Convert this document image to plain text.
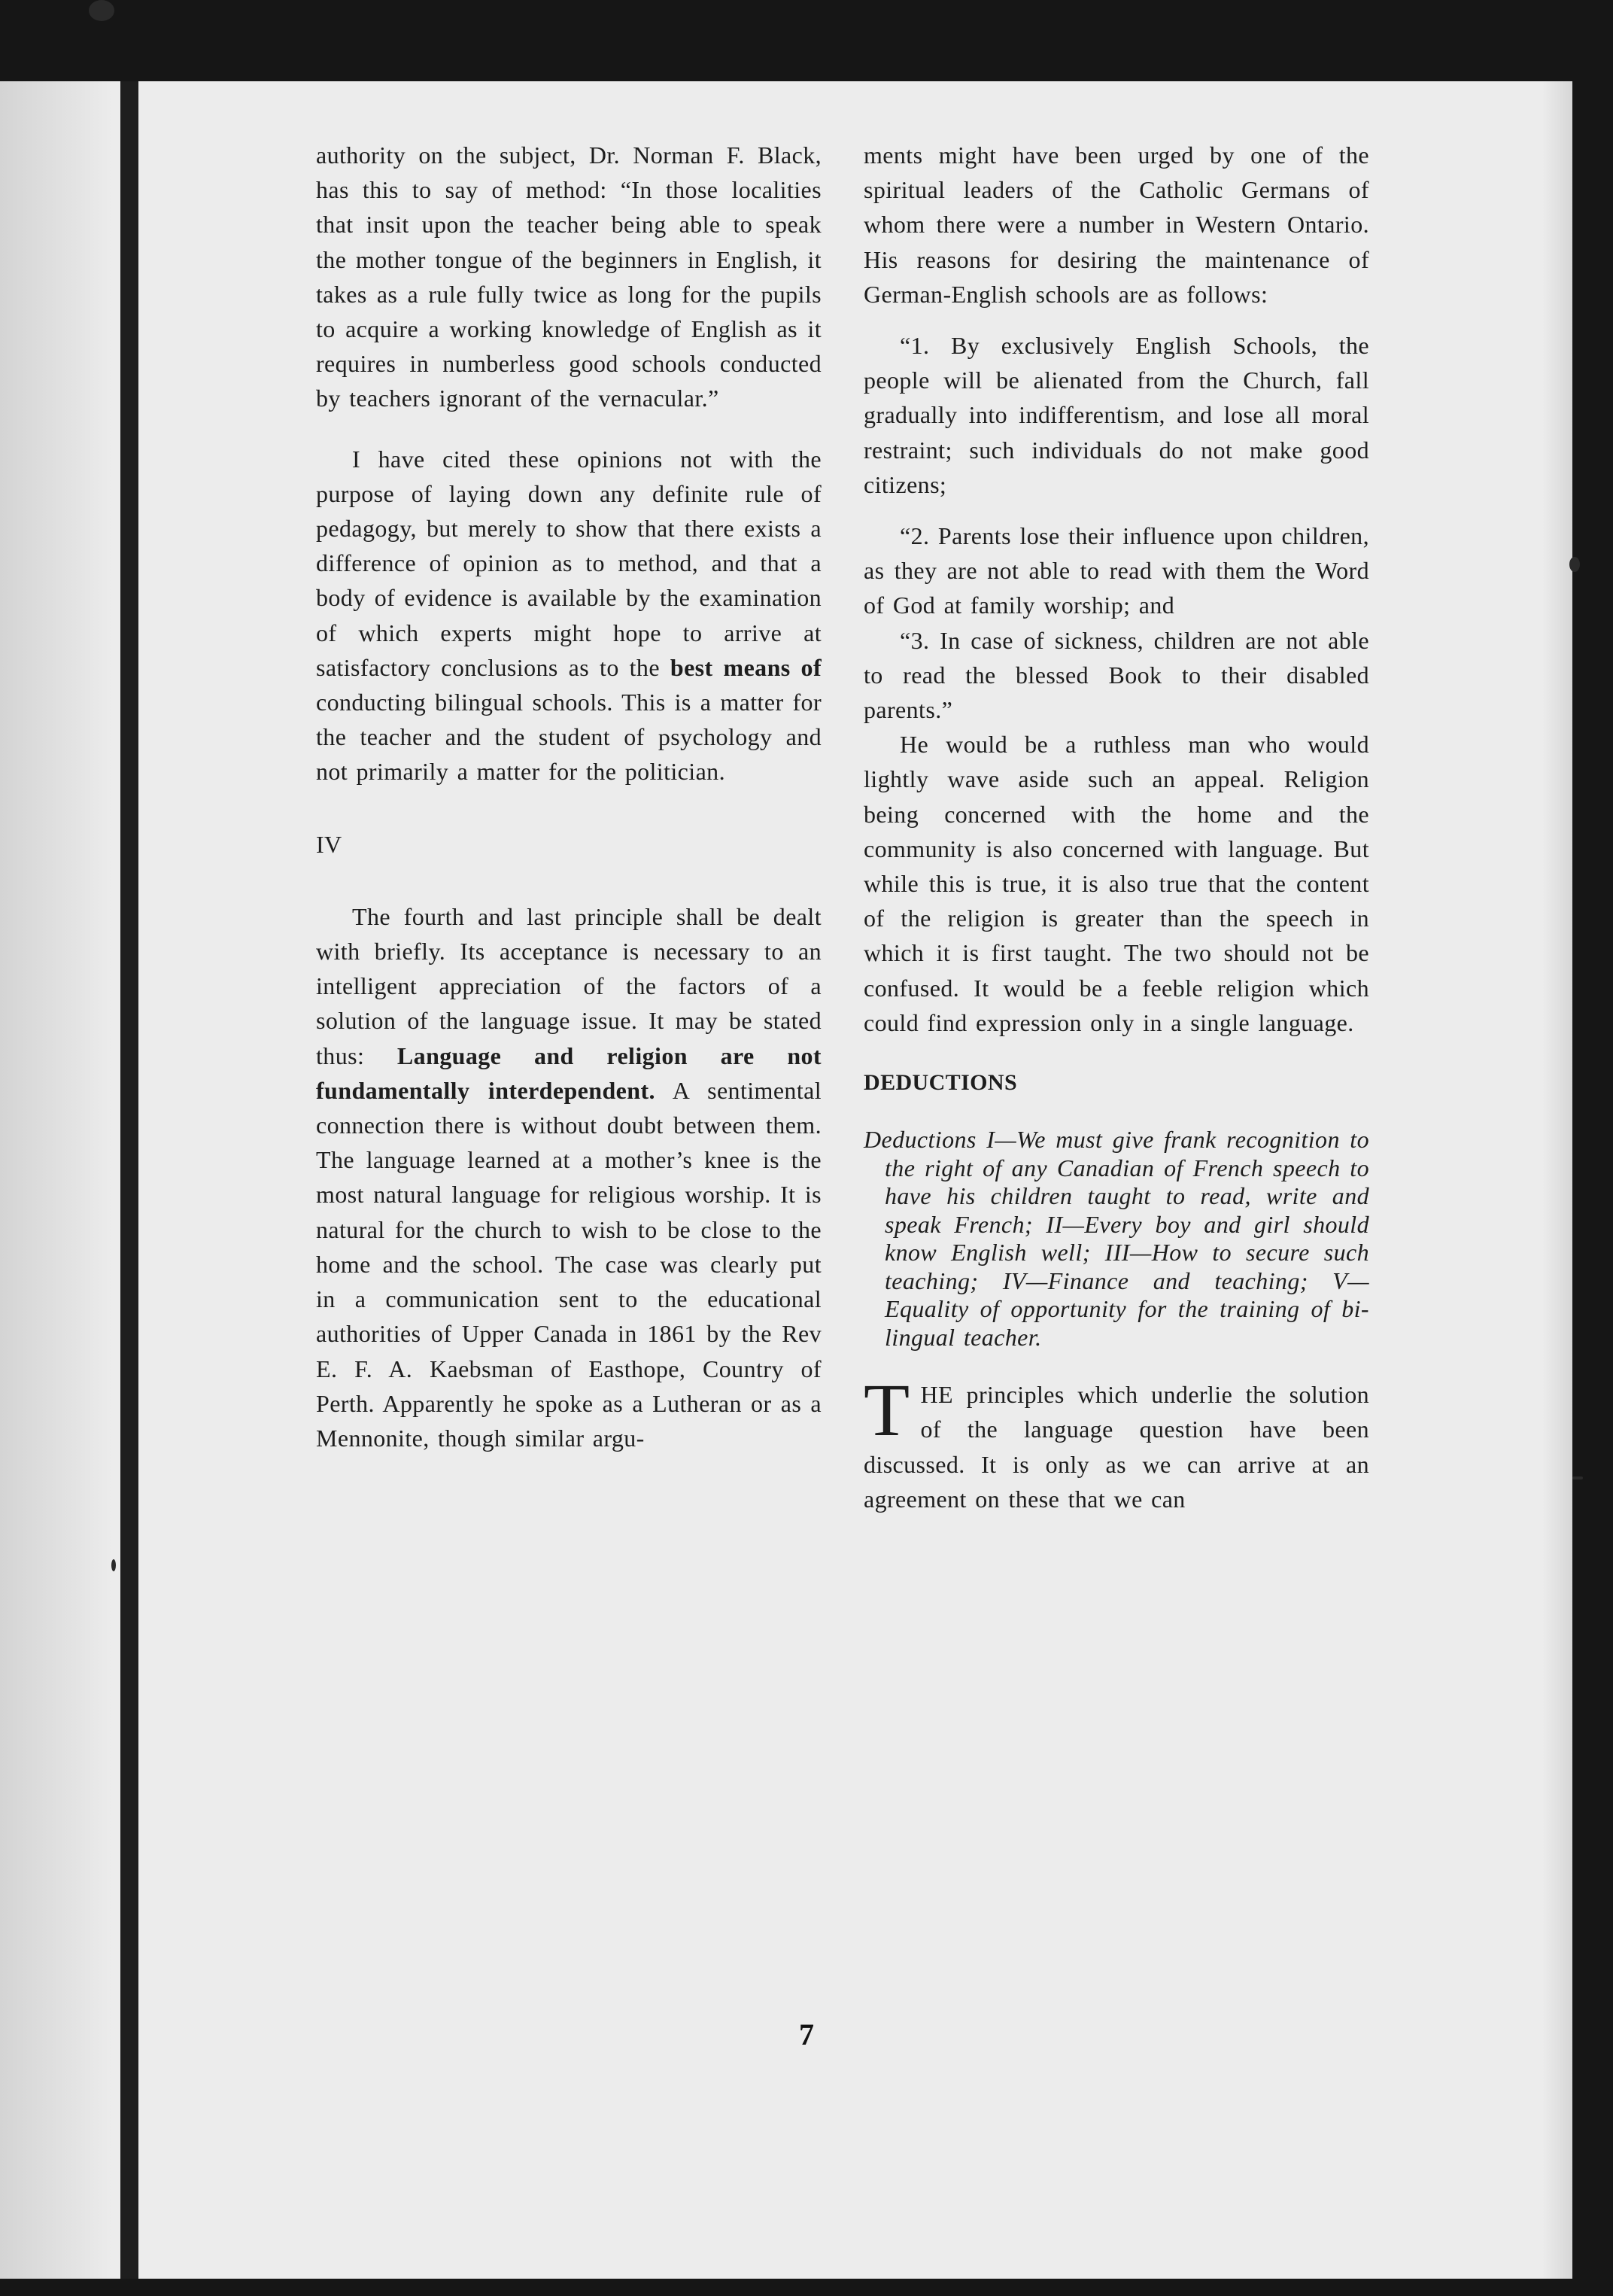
authority on the subject, Dr. Norman F. Black, has this to say of method: “In those localities that insit upon the teacher being able to speak the mother tongue of the beginners in English, it takes as a rule fully twice as long for the pupils to acquire a working knowledge of English as it requires in numberless good schools conducted by teachers ignorant of the vernacular.”

I have cited these opinions not with the purpose of laying down any definite rule of pedagogy, but merely to show that there exists a difference of opinion as to method, and that a body of evidence is available by the examination of which experts might hope to arrive at satisfactory conclusions as to the best means of conducting bilingual schools. This is a matter for the teacher and the student of psychology and not primarily a matter for the politician.

IV

The fourth and last principle shall be dealt with briefly. Its acceptance is necessary to an intelligent appreciation of the factors of a solution of the language issue. It may be stated thus: Language and religion are not fundamentally interdependent. A sentimental connection there is without doubt between them. The language learned at a mother’s knee is the most natural language for religious worship. It is natural for the church to wish to be close to the home and the school. The case was clearly put in a communication sent to the educational authorities of Upper Canada in 1861 by the Rev E. F. A. Kaebsman of Easthope, Country of Perth. Apparently he spoke as a Lutheran or as a Mennonite, though similar argu-

ments might have been urged by one of the spiritual leaders of the Catholic Germans of whom there were a number in Western Ontario. His reasons for desiring the maintenance of German-English schools are as follows:

“1. By exclusively English Schools, the people will be alienated from the Church, fall gradually into indifferentism, and lose all moral restraint; such individuals do not make good citizens;

“2. Parents lose their influence upon children, as they are not able to read with them the Word of God at family worship; and

“3. In case of sickness, children are not able to read the blessed Book to their disabled parents.”

He would be a ruthless man who would lightly wave aside such an appeal. Religion being concerned with the home and the community is also concerned with language. But while this is true, it is also true that the content of the religion is greater than the speech in which it is first taught. The two should not be confused. It would be a feeble religion which could find expression only in a single language.

DEDUCTIONS

Deductions I—We must give frank recognition to the right of any Canadian of French speech to have his children taught to read, write and speak French; II—Every boy and girl should know English well; III—How to secure such teaching; IV—Finance and teaching; V—Equality of opportunity for the training of bi-lingual teacher.

THE principles which underlie the solution of the language question have been discussed. It is only as we can arrive at an agreement on these that we can

7
